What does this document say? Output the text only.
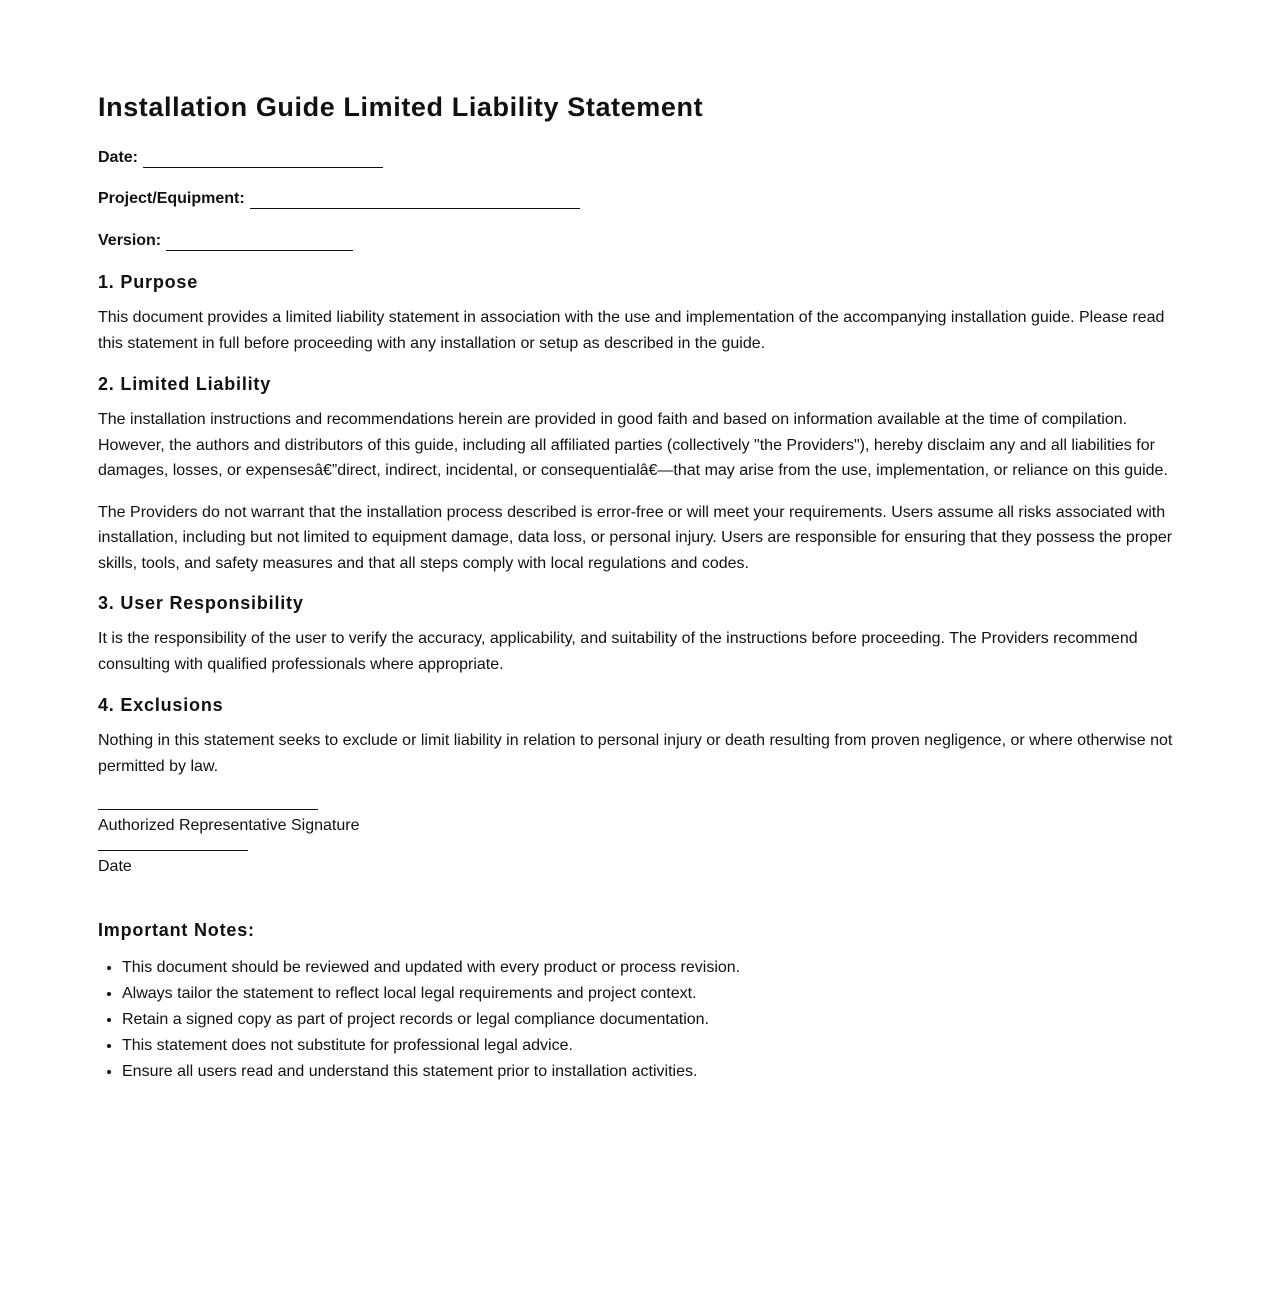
Installation Guide Limited Liability Statement
Date:
Project/Equipment:
Version:
1. Purpose

This document provides a limited liability statement in association with the use and implementation of the accompanying installation guide. Please read this statement in full before proceeding with any installation or setup as described in the guide.

2. Limited Liability

The installation instructions and recommendations herein are provided in good faith and based on information available at the time of compilation. However, the authors and distributors of this guide, including all affiliated parties (collectively "the Providers"), hereby disclaim any and all liabilities for damages, losses, or expensesâ€”direct, indirect, incidental, or consequentialâ€—that may arise from the use, implementation, or reliance on this guide.

The Providers do not warrant that the installation process described is error-free or will meet your requirements. Users assume all risks associated with installation, including but not limited to equipment damage, data loss, or personal injury. Users are responsible for ensuring that they possess the proper skills, tools, and safety measures and that all steps comply with local regulations and codes.

3. User Responsibility

It is the responsibility of the user to verify the accuracy, applicability, and suitability of the instructions before proceeding. The Providers recommend consulting with qualified professionals where appropriate.

4. Exclusions

Nothing in this statement seeks to exclude or limit liability in relation to personal injury or death resulting from proven negligence, or where otherwise not permitted by law.

Authorized Representative Signature
Date
Important Notes:
• This document should be reviewed and updated with every product or process revision.
• Always tailor the statement to reflect local legal requirements and project context.
• Retain a signed copy as part of project records or legal compliance documentation.
• This statement does not substitute for professional legal advice.
• Ensure all users read and understand this statement prior to installation activities.
